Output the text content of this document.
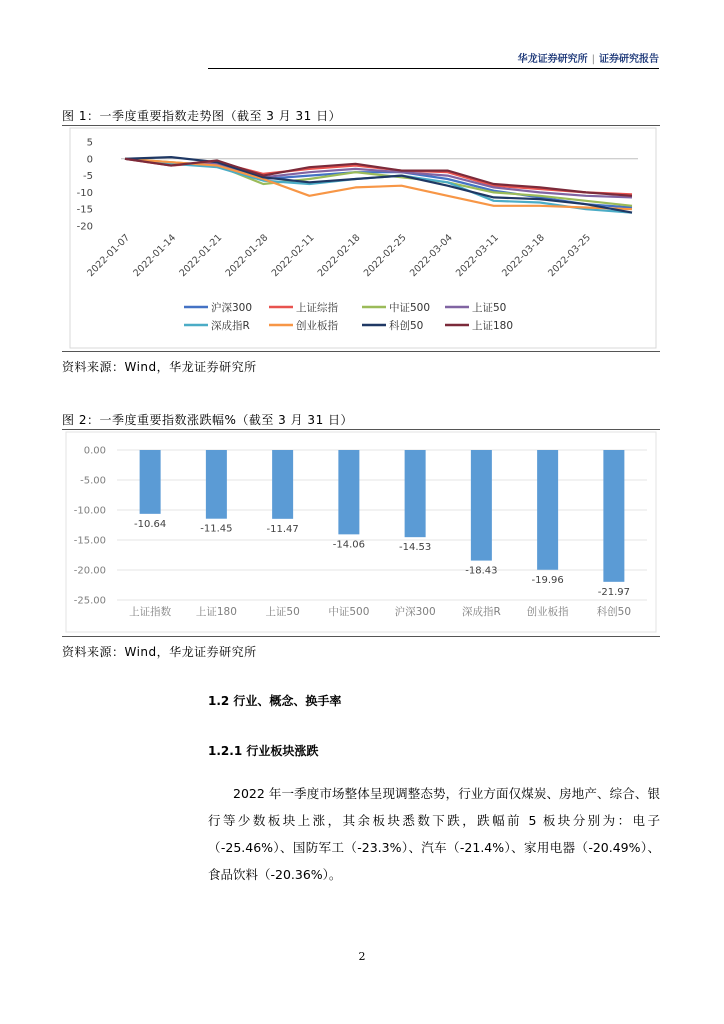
华龙证券研究所 | 证券研究报告
图 1：一季度重要指数走势图（截至 3 月 31 日）
5
0
-5
-10
-15
-20
2022-01-07 2022-01-14 2022-01-21 2022-01-28 2022-02-11 2022-02-18 2022-02-25 2022-03-04 2022-03-11 2022-03-18 2022-03-25
沪深300	上证综指	中证500	上证50
深成指R	创业板指	科创50	上证180
资料来源：Wind，华龙证券研究所
图 2：一季度重要指数涨跌幅%（截至 3 月 31 日）
0.00
-5.00
-10.00
-15.00
-20.00
-25.00
-10.64
上证指数
-11.45
上证180
-11.47
上证50
-14.06
中证500
-14.53
沪深300
-18.43
深成指R
-19.96
创业板指
-21.97
科创50
资料来源：Wind，华龙证券研究所
1.2 行业、概念、换手率
1.2.1 行业板块涨跌

2022 年一季度市场整体呈现调整态势，行业方面仅煤炭、房地产、综合、银行等少数板块上涨，其余板块悉数下跌，跌幅前 5 板块分别为：电子（-25.46%）、国防军工（-23.3%）、汽车（-21.4%）、家用电器（-20.49%）、食品饮料（-20.36%）。

2
